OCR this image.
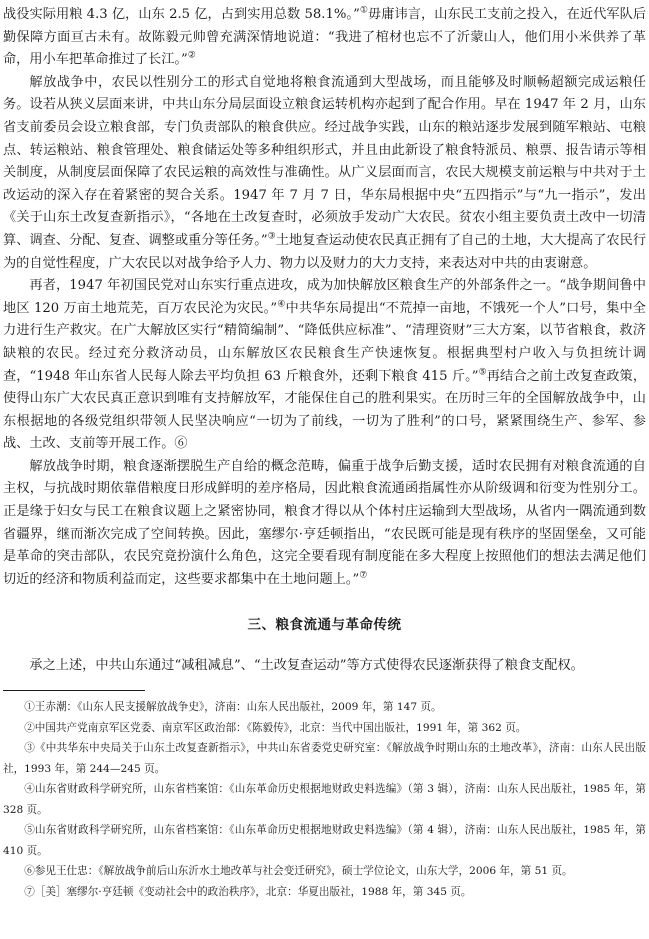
战役实际用粮 4.3 亿，山东 2.5 亿，占到实用总数 58.1%。”①毋庸讳言，山东民工支前之投入，在近代军队后勤保障方面亘古未有。故陈毅元帅曾充满深情地说道：“我进了棺材也忘不了沂蒙山人，他们用小米供养了革命，用小车把革命推过了长江。”②

解放战争中，农民以性别分工的形式自觉地将粮食流通到大型战场，而且能够及时顺畅超额完成运粮任务。设若从狭义层面来讲，中共山东分局层面设立粮食运转机构亦起到了配合作用。早在 1947 年 2 月，山东省支前委员会设立粮食部，专门负责部队的粮食供应。经过战争实践，山东的粮站逐步发展到随军粮站、屯粮点、转运粮站、粮食管理处、粮食储运处等多种组织形式，并且由此新设了粮食特派员、粮票、报告请示等相关制度，从制度层面保障了农民运粮的高效性与准确性。从广义层面而言，农民大规模支前运粮与中共对于土改运动的深入存在着紧密的契合关系。1947 年 7 月 7 日，华东局根据中央“五四指示”与“九一指示”，发出《关于山东土改复查新指示》，“各地在土改复查时，必须放手发动广大农民。贫农小组主要负责土改中一切清算、调查、分配、复查、调整或重分等任务。”③土地复查运动使农民真正拥有了自己的土地，大大提高了农民行为的自觉性程度，广大农民以对战争给予人力、物力以及财力的大力支持，来表达对中共的由衷谢意。

再者，1947 年初国民党对山东实行重点进攻，成为加快解放区粮食生产的外部条件之一。“战争期间鲁中地区 120 万亩土地荒芜，百万农民沦为灾民。”④中共华东局提出“不荒掉一亩地，不饿死一个人”口号，集中全力进行生产救灾。在广大解放区实行“精简编制”、“降低供应标准”、“清理资财”三大方案，以节省粮食，救济缺粮的农民。经过充分救济动员，山东解放区农民粮食生产快速恢复。根据典型村户收入与负担统计调查，“1948 年山东省人民每人除去平均负担 63 斤粮食外，还剩下粮食 415 斤。”⑤再结合之前土改复查政策，使得山东广大农民真正意识到唯有支持解放军，才能保住自己的胜利果实。在历时三年的全国解放战争中，山东根据地的各级党组织带领人民坚决响应“一切为了前线，一切为了胜利”的口号，紧紧围绕生产、参军、参战、土改、支前等开展工作。⑥

解放战争时期，粮食逐渐摆脱生产自给的概念范畴，偏重于战争后勤支援，适时农民拥有对粮食流通的自主权，与抗战时期依靠借粮度日形成鲜明的差序格局，因此粮食流通函指属性亦从阶级调和衍变为性别分工。正是缘于妇女与民工在粮食议题上之紧密协同，粮食才得以从个体村庄运输到大型战场，从省内一隅流通到数省疆界，继而渐次完成了空间转换。因此，塞缪尔·亨廷顿指出，“农民既可能是现有秩序的坚固堡垒，又可能是革命的突击部队，农民究竟扮演什么角色，这完全要看现有制度能在多大程度上按照他们的想法去满足他们切近的经济和物质利益而定，这些要求都集中在土地问题上。”⑦

三、粮食流通与革命传统

承之上述，中共山东通过“减租减息”、“土改复查运动”等方式使得农民逐渐获得了粮食支配权。

①王赤潮：《山东人民支援解放战争史》，济南：山东人民出版社，2009 年，第 147 页。

②中国共产党南京军区党委、南京军区政治部：《陈毅传》，北京：当代中国出版社，1991 年，第 362 页。

③《中共华东中央局关于山东土改复查新指示》，中共山东省委党史研究室：《解放战争时期山东的土地改革》，济南：山东人民出版社，1993 年，第 244—245 页。

④山东省财政科学研究所，山东省档案馆：《山东革命历史根据地财政史料选编》（第 3 辑），济南：山东人民出版社，1985 年，第 328 页。

⑤山东省财政科学研究所，山东省档案馆：《山东革命历史根据地财政史料选编》（第 4 辑），济南：山东人民出版社，1985 年，第 410 页。

⑥参见王仕忠：《解放战争前后山东沂水土地改革与社会变迁研究》，硕士学位论文，山东大学，2006 年，第 51 页。

⑦［美］塞缪尔·亨廷顿《变动社会中的政治秩序》，北京：华夏出版社，1988 年，第 345 页。
